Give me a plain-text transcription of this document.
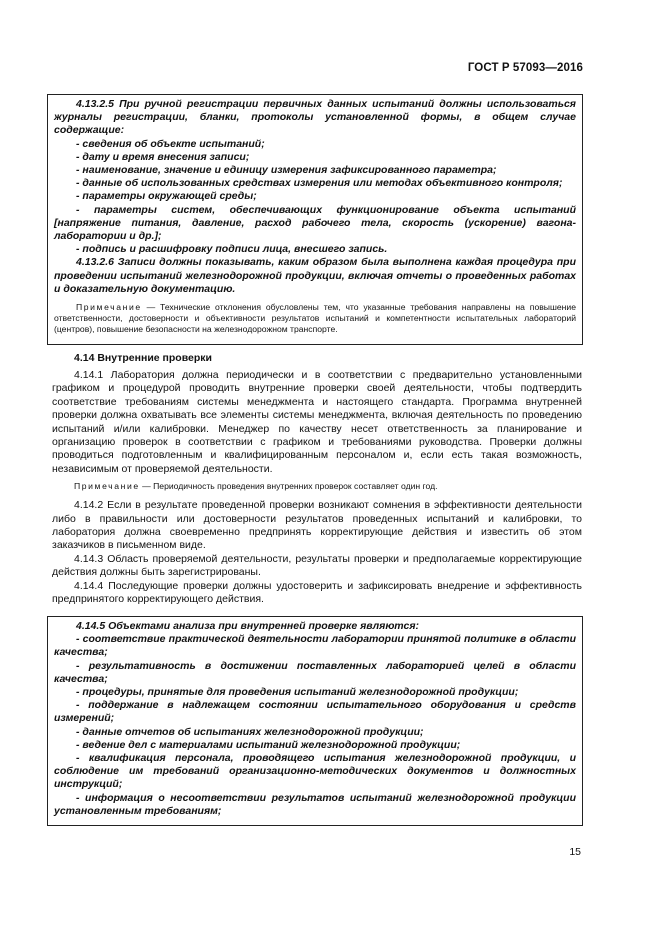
ГОСТ Р 57093—2016

4.13.2.5 При ручной регистрации первичных данных испытаний должны использоваться журналы регистрации, бланки, протоколы установленной формы, в общем случае содержащие:

- сведения об объекте испытаний;

- дату и время внесения записи;

- наименование, значение и единицу измерения зафиксированного параметра;

- данные об использованных средствах измерения или методах объективного контроля;

- параметры окружающей среды;

- параметры систем, обеспечивающих функционирование объекта испытаний [напряжение питания, давление, расход рабочего тела, скорость (ускорение) вагона-лаборатории и др.];

- подпись и расшифровку подписи лица, внесшего запись.

4.13.2.6 Записи должны показывать, каким образом была выполнена каждая процедура при проведении испытаний железнодорожной продукции, включая отчеты о проведенных работах и доказательную документацию.

Примечание — Технические отклонения обусловлены тем, что указанные требования направлены на повышение ответственности, достоверности и объективности результатов испытаний и компетентности испытательных лабораторий (центров), повышение безопасности на железнодорожном транспорте.

4.14 Внутренние проверки

4.14.1 Лаборатория должна периодически и в соответствии с предварительно установленными графиком и процедурой проводить внутренние проверки своей деятельности, чтобы подтвердить соответствие требованиям системы менеджмента и настоящего стандарта. Программа внутренней проверки должна охватывать все элементы системы менеджмента, включая деятельность по проведению испытаний и/или калибровки. Менеджер по качеству несет ответственность за планирование и организацию проверок в соответствии с графиком и требованиями руководства. Проверки должны проводиться подготовленным и квалифицированным персоналом и, если есть такая возможность, независимым от проверяемой деятельности.

Примечание — Периодичность проведения внутренних проверок составляет один год.

4.14.2 Если в результате проведенной проверки возникают сомнения в эффективности деятельности либо в правильности или достоверности результатов проведенных испытаний и калибровки, то лаборатория должна своевременно предпринять корректирующие действия и известить об этом заказчиков в письменном виде.

4.14.3 Область проверяемой деятельности, результаты проверки и предполагаемые корректирующие действия должны быть зарегистрированы.

4.14.4 Последующие проверки должны удостоверить и зафиксировать внедрение и эффективность предпринятого корректирующего действия.

4.14.5 Объектами анализа при внутренней проверке являются:

- соответствие практической деятельности лаборатории принятой политике в области качества;

- результативность в достижении поставленных лабораторией целей в области качества;

- процедуры, принятые для проведения испытаний железнодорожной продукции;

- поддержание в надлежащем состоянии испытательного оборудования и средств измерений;

- данные отчетов об испытаниях железнодорожной продукции;

- ведение дел с материалами испытаний железнодорожной продукции;

- квалификация персонала, проводящего испытания железнодорожной продукции, и соблюдение им требований организационно-методических документов и должностных инструкций;

- информация о несоответствии результатов испытаний железнодорожной продукции установленным требованиям;

15
